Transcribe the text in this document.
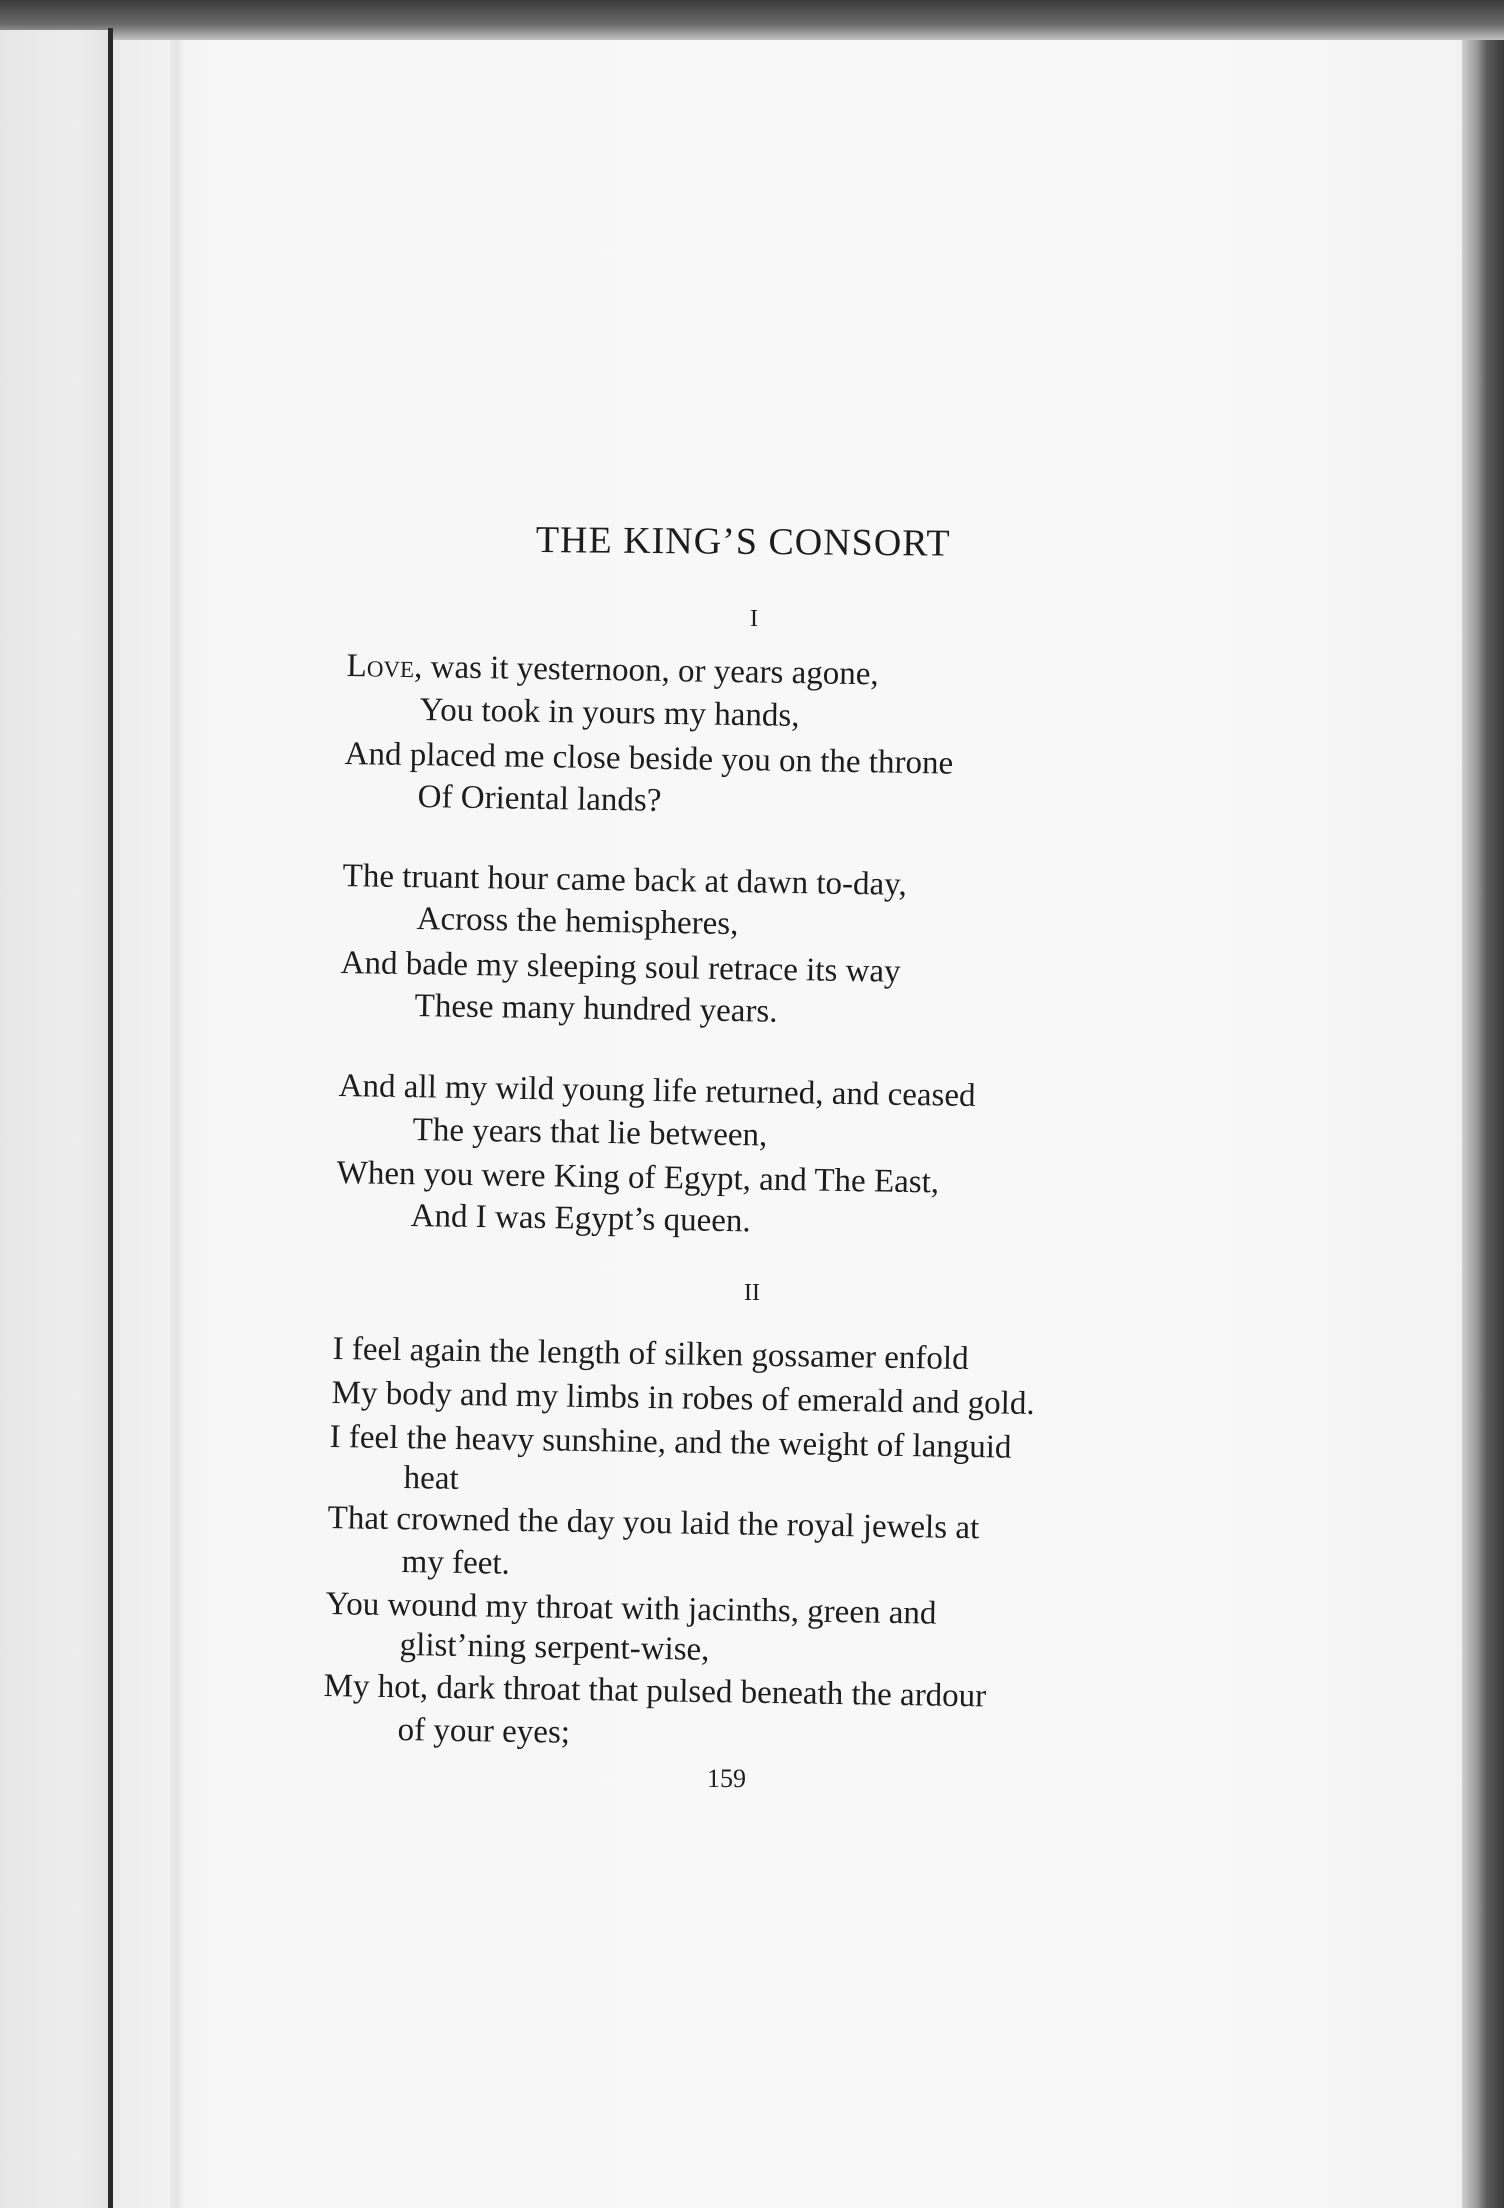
THE KING’S CONSORT
I
Love, was it yesternoon, or years agone,
You took in yours my hands,
And placed me close beside you on the throne
Of Oriental lands?
The truant hour came back at dawn to-day,
Across the hemispheres,
And bade my sleeping soul retrace its way
These many hundred years.
And all my wild young life returned, and ceased
The years that lie between,
When you were King of Egypt, and The East,
And I was Egypt’s queen.
II
I feel again the length of silken gossamer enfold
My body and my limbs in robes of emerald and gold.
I feel the heavy sunshine, and the weight of languid
heat
That crowned the day you laid the royal jewels at
my feet.
You wound my throat with jacinths, green and
glist’ning serpent-wise,
My hot, dark throat that pulsed beneath the ardour
of your eyes;
159
